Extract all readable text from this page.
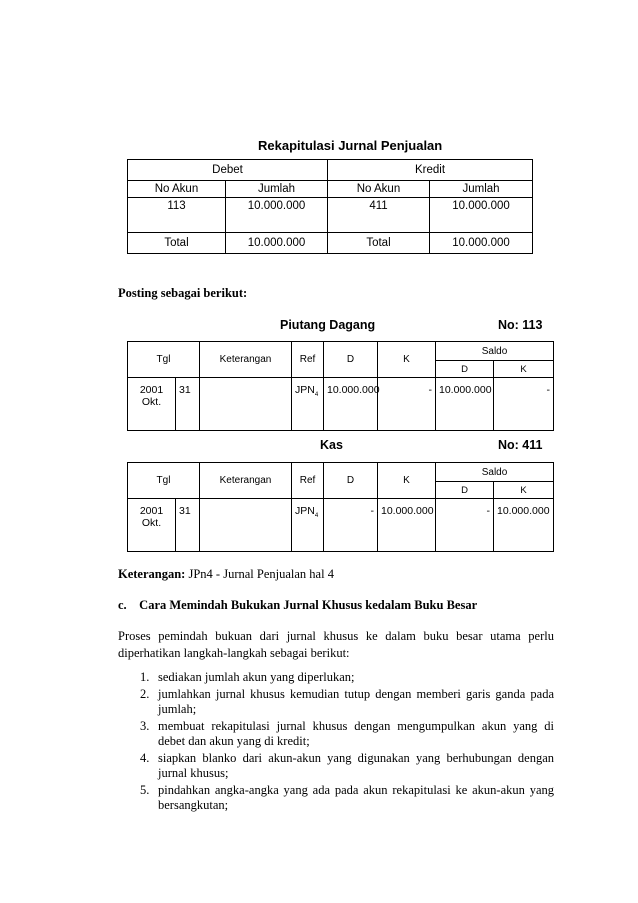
Rekapitulasi Jurnal Penjualan
Debet		Kredit	
No Akun	Jumlah	No Akun	Jumlah
113	10.000.000	411	10.000.000

Total	10.000.000	Total	10.000.000
Posting sebagai berikut:
Piutang Dagang	No: 113
Tgl		Keterangan	Ref	D	K	Saldo	
						D	K
2001
Okt.	31		$JPN_4$	10.000.000	-	10.000.000	-
Kas	No: 411
Tgl		Keterangan	Ref	D	K	Saldo	
						D	K
2001
Okt.	31		$JPN_4$	-	10.000.000	-	10.000.000
Keterangan: JPn4 - Jurnal Penjualan hal 4
c.    Cara Memindah Bukukan Jurnal Khusus kedalam Buku Besar
Proses pemindah bukuan dari jurnal khusus ke dalam buku besar utama perlu diperhatikan langkah-langkah sebagai berikut:
1. sediakan jumlah akun yang diperlukan;
2. jumlahkan jurnal khusus kemudian tutup dengan memberi garis ganda pada jumlah;
3. membuat rekapitulasi jurnal khusus dengan mengumpulkan akun yang di debet dan akun yang di kredit;
4. siapkan blanko dari akun-akun yang digunakan yang berhubungan dengan jurnal khusus;
5. pindahkan angka-angka yang ada pada akun rekapitulasi ke akun-akun yang bersangkutan;
